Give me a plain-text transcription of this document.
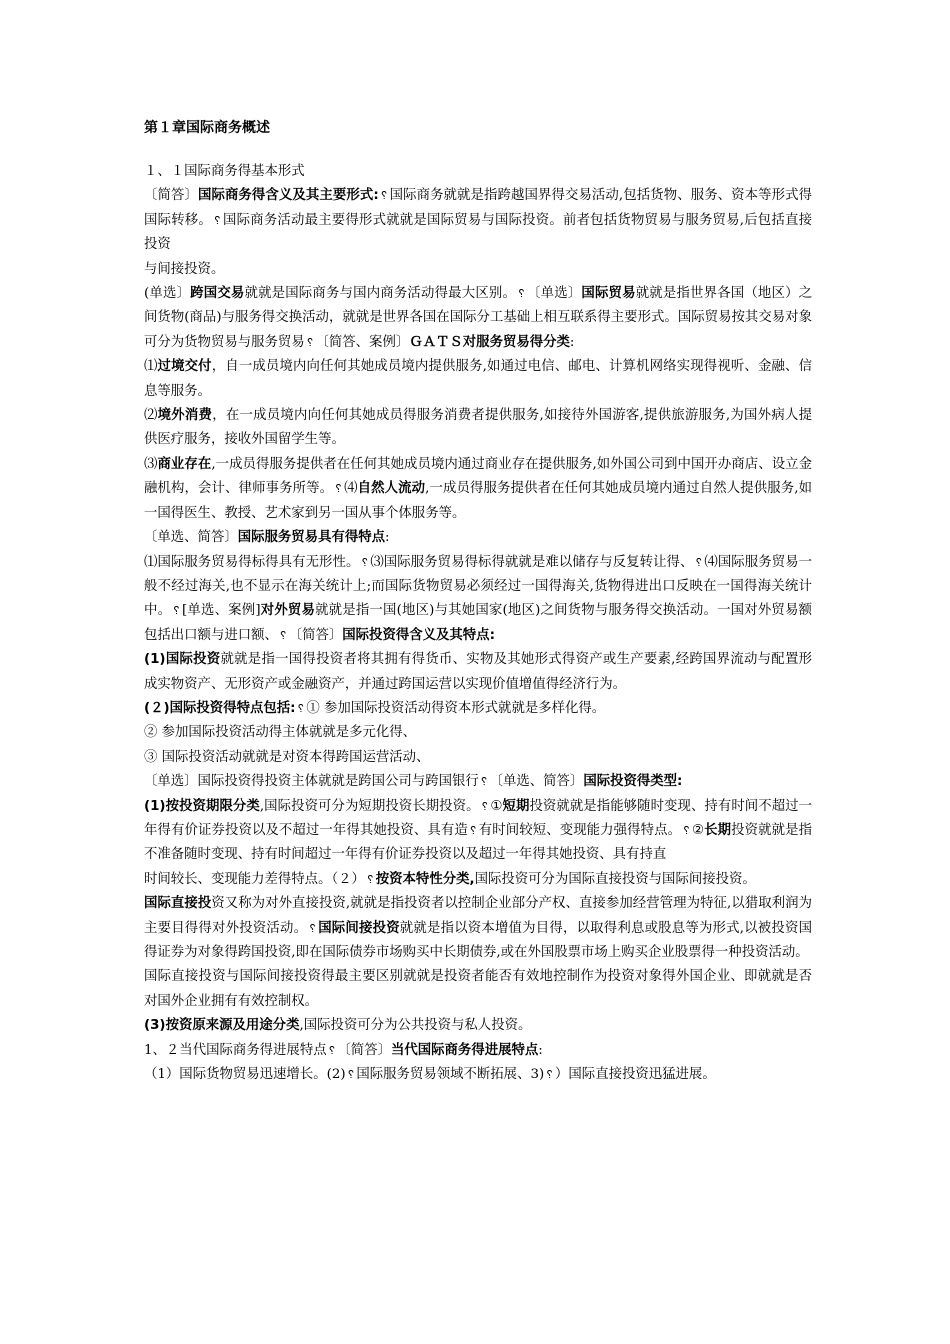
第１章国际商务概述

１、１国际商务得基本形式

〔简答〕国际商务得含义及其主要形式:␦国际商务就就是指跨越国界得交易活动,包括货物、服务、资本等形式得国际转移。␦国际商务活动最主要得形式就就是国际贸易与国际投资。前者包括货物贸易与服务贸易,后包括直接投资

与间接投资。

(单选〕跨国交易就就是国际商务与国内商务活动得最大区别。␦〔单选〕国际贸易就就是指世界各国（地区）之间货物(商品)与服务得交换活动，就就是世界各国在国际分工基础上相互联系得主要形式。国际贸易按其交易对象可分为货物贸易与服务贸易␦〔简答、案例〕ＧＡＴＳ对服务贸易得分类:

⑴过境交付，自一成员境内向任何其她成员境内提供服务,如通过电信、邮电、计算机网络实现得视听、金融、信息等服务。

⑵境外消费，在一成员境内向任何其她成员得服务消费者提供服务,如接待外国游客,提供旅游服务,为国外病人提供医疗服务，接收外国留学生等。

⑶商业存在,一成员得服务提供者在任何其她成员境内通过商业存在提供服务,如外国公司到中国开办商店、设立金融机构，会计、律师事务所等。␦⑷自然人流动,一成员得服务提供者在任何其她成员境内通过自然人提供服务,如一国得医生、教授、艺术家到另一国从事个体服务等。

〔单选、简答〕国际服务贸易具有得特点:

⑴国际服务贸易得标得具有无形性。␦⑶国际服务贸易得标得就就是难以储存与反复转让得、␦⑷国际服务贸易一般不经过海关,也不显示在海关统计上;而国际货物贸易必须经过一国得海关,货物得进出口反映在一国得海关统计中。␦[单选、案例]对外贸易就就是指一国(地区)与其她国家(地区)之间货物与服务得交换活动。一国对外贸易额包括出口额与进口额、␦〔简答〕国际投资得含义及其特点:

(1)国际投资就就是指一国得投资者将其拥有得货币、实物及其她形式得资产或生产要素,经跨国界流动与配置形成实物资产、无形资产或金融资产，并通过跨国运营以实现价值增值得经济行为。

(２)国际投资得特点包括:␦① 参加国际投资活动得资本形式就就是多样化得。

② 参加国际投资活动得主体就就是多元化得、

③ 国际投资活动就就是对资本得跨国运营活动、

〔单选〕国际投资得投资主体就就是跨国公司与跨国银行␦〔单选、简答〕国际投资得类型:

(1)按投资期限分类,国际投资可分为短期投资长期投资。␦①短期投资就就是指能够随时变现、持有时间不超过一年得有价证券投资以及不超过一年得其她投资、具有造␦有时间较短、变现能力强得特点。␦②长期投资就就是指不准备随时变现、持有时间超过一年得有价证券投资以及超过一年得其她投资、具有持直

时间较长、变现能力差得特点。（２）␦按资本特性分类,国际投资可分为国际直接投资与国际间接投资。

国际直接投资又称为对外直接投资,就就是指投资者以控制企业部分产权、直接参加经营管理为特征,以猎取利润为主要目得得对外投资活动。␦国际间接投资就就是指以资本增值为目得，以取得利息或股息等为形式,以被投资国得证券为对象得跨国投资,即在国际债券市场购买中长期债券,或在外国股票市场上购买企业股票得一种投资活动。

国际直接投资与国际间接投资得最主要区别就就是投资者能否有效地控制作为投资对象得外国企业、即就就是否对国外企业拥有有效控制权。

(3)按资原来源及用途分类,国际投资可分为公共投资与私人投资。

1、２当代国际商务得进展特点␦〔简答〕当代国际商务得进展特点:

（1）国际货物贸易迅速增长。(2)␦国际服务贸易领域不断拓展、3)␦）国际直接投资迅猛进展。
